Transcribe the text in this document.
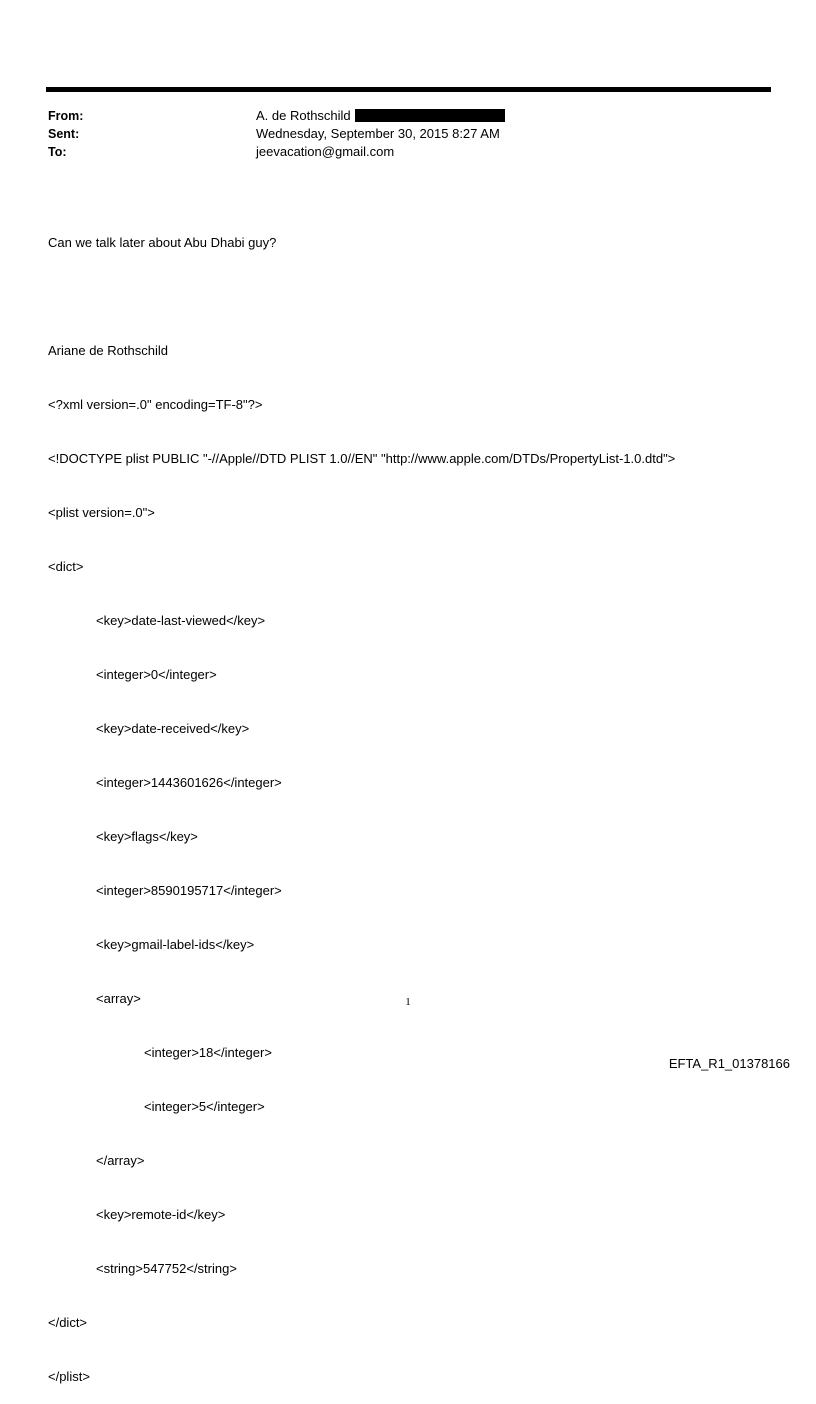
From:	A. de Rothschild
Sent:	Wednesday, September 30, 2015 8:27 AM
To:	jeevacation@gmail.com

Can we talk later about Abu Dhabi guy?

Ariane de Rothschild

<?xml version=.0" encoding=TF-8"?>

<!DOCTYPE plist PUBLIC "-//Apple//DTD PLIST 1.0//EN" "http://www.apple.com/DTDs/PropertyList-1.0.dtd">

<plist version=.0">

<dict>

<key>date-last-viewed</key>

<integer>0</integer>

<key>date-received</key>

<integer>1443601626</integer>

<key>flags</key>

<integer>8590195717</integer>

<key>gmail-label-ids</key>

<array>

<integer>18</integer>

<integer>5</integer>

</array>

<key>remote-id</key>

<string>547752</string>

</dict>

</plist>

1
EFTA_R1_01378166
